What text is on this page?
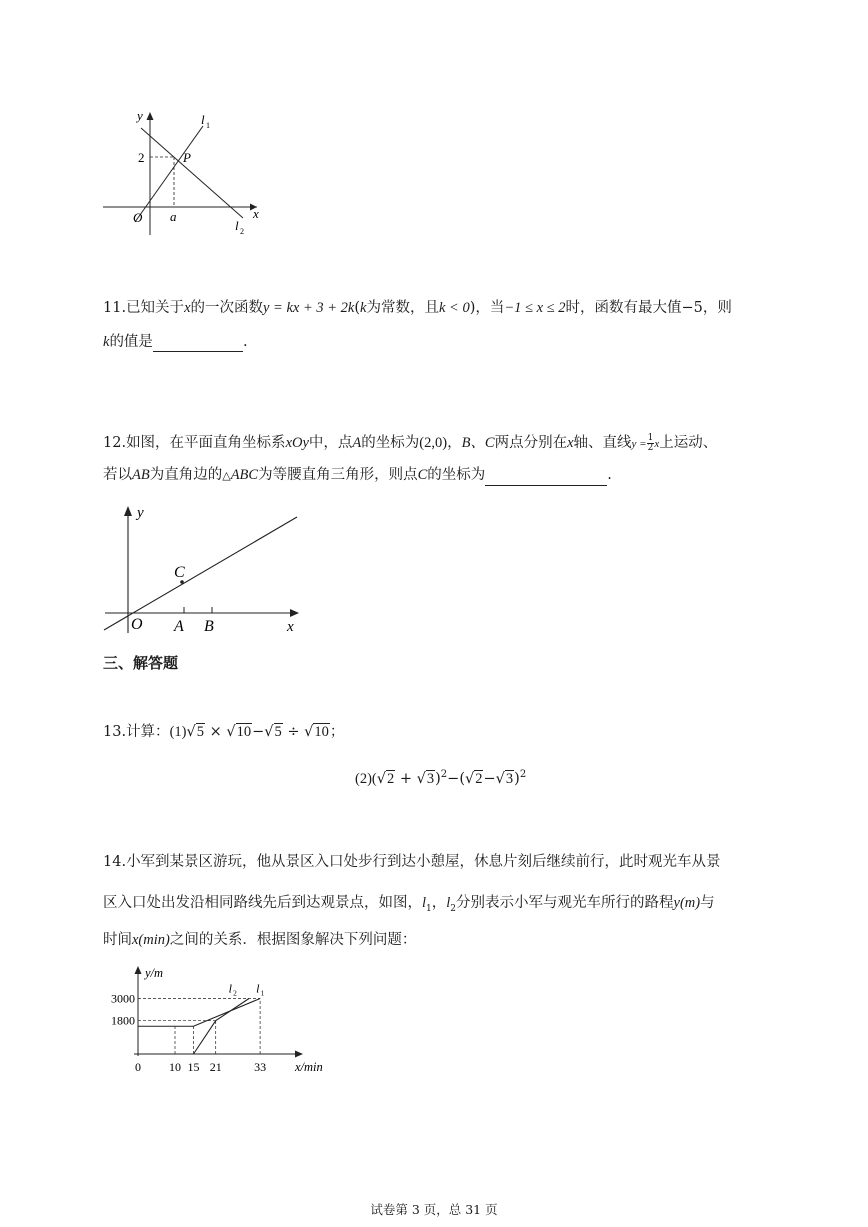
y	l 1
2	P
O a	x
l 2
11.已知关于x的一次函数y = kx + 3 + 2k(k为常数，且k < 0)，当−1 ≤ x ≤ 2时，函数有最大值−5，则
k的值是	.
12.如图，在平面直角坐标系xOy中，点A的坐标为(2,0)，B、C两点分别在x轴、直线$y = \frac{1}{2}$ x上运动、
若以AB为直角边的△ABC为等腰直角三角形，则点C的坐标为	.
y
C
O A B	x
三、解答题
13.计算：(1)√5 × √10−√5 ÷ √10；
$(2)(√2 + √3)^2-(√2-√3)^2$
14.小军到某景区游玩，他从景区入口处步行到达小憩屋，休息片刻后继续前行，此时观光车从景
区入口处出发沿相同路线先后到达观景点，如图，$l_1$，$l_2$分别表示小军与观光车所行的路程y(m)与
时间x(min)之间的关系．根据图象解决下列问题：
1800
3000
0 10 15 21	33
l 1
l 2
y/m
x/min
试卷第 3 页，总 31 页
